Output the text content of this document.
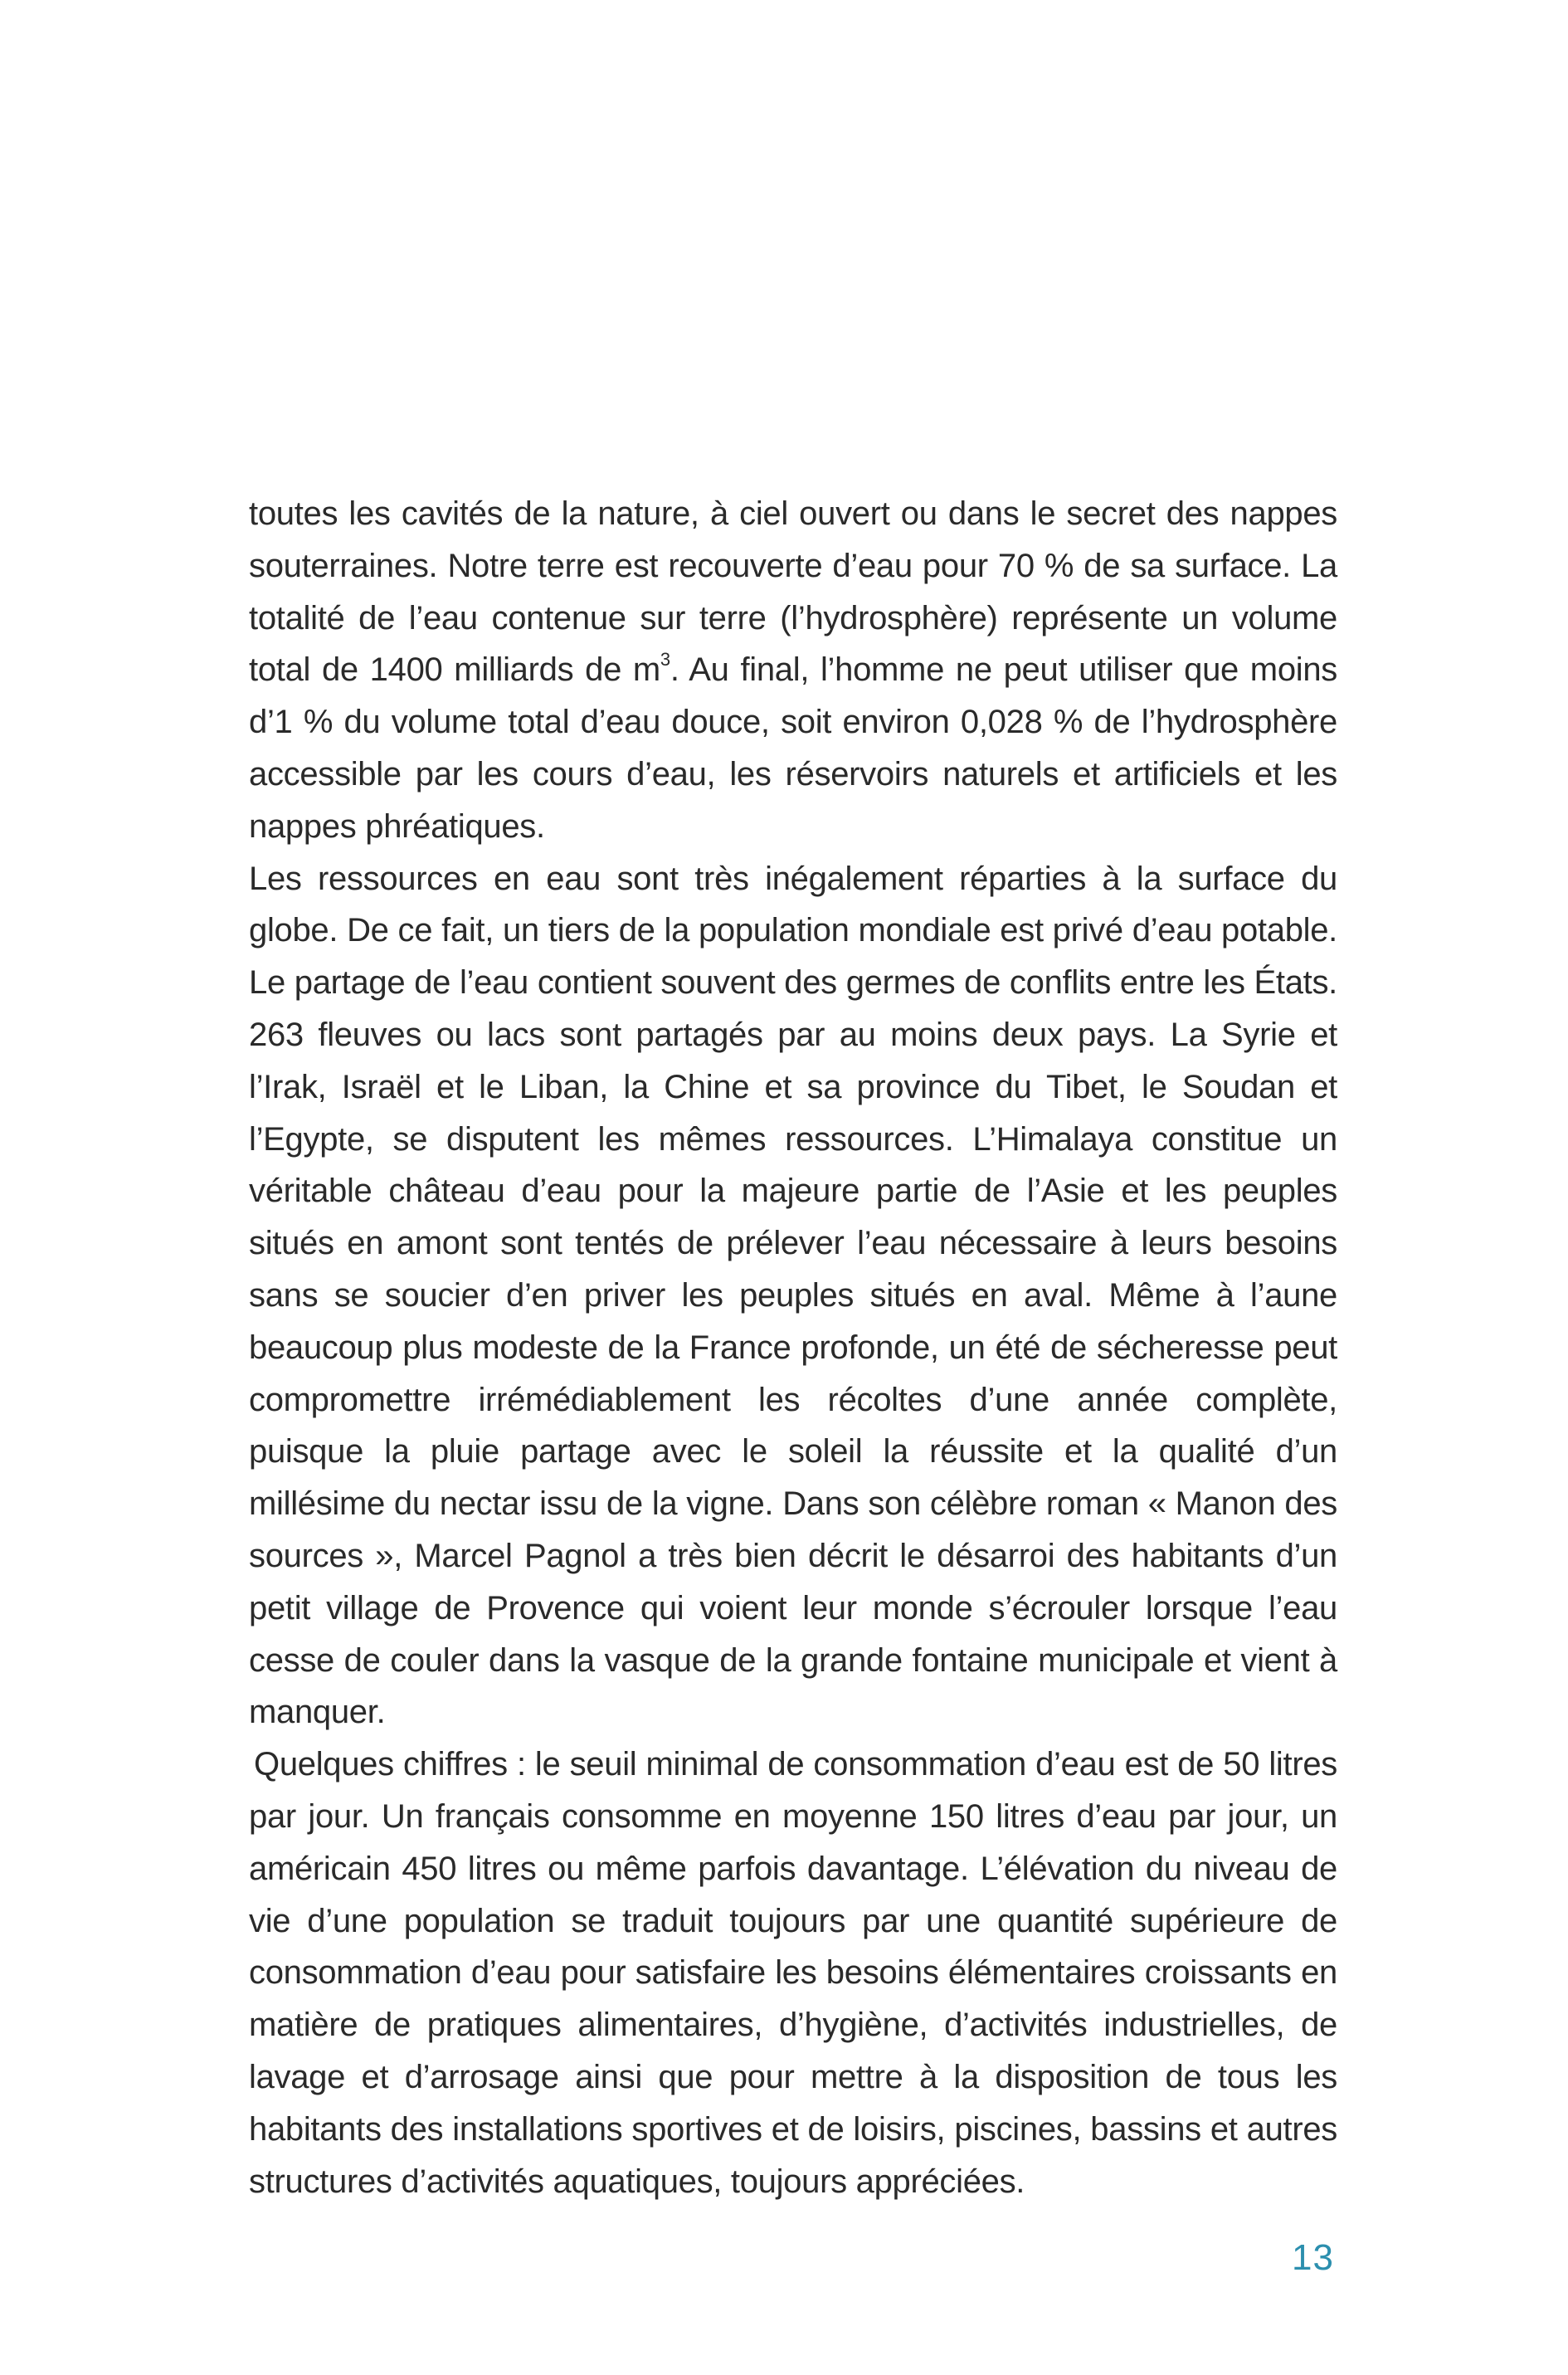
toutes les cavités de la nature, à ciel ouvert ou dans le secret des nappes souterraines. Notre terre est recouverte d’eau pour 70 % de sa surface. La totalité de l’eau contenue sur terre (l’hydrosphère) représente un volume total de 1400 milliards de $m^3$. Au final, l’homme ne peut utiliser que moins d’1 % du volume total d’eau douce, soit environ 0,028 % de l’hydrosphère accessible par les cours d’eau, les réservoirs naturels et artificiels et les nappes phréatiques.

Les ressources en eau sont très inégalement réparties à la surface du globe. De ce fait, un tiers de la population mondiale est privé d’eau potable. Le partage de l’eau contient souvent des germes de conflits entre les États. 263 fleuves ou lacs sont partagés par au moins deux pays. La Syrie et l’Irak, Israël et le Liban, la Chine et sa province du Tibet, le Soudan et l’Egypte, se disputent les mêmes ressources. L’Himalaya constitue un véritable château d’eau pour la majeure partie de l’Asie et les peuples situés en amont sont tentés de prélever l’eau nécessaire à leurs besoins sans se soucier d’en priver les peuples situés en aval. Même à l’aune beaucoup plus modeste de la France profonde, un été de sécheresse peut compromettre irrémédiablement les récoltes d’une année complète, puisque la pluie partage avec le soleil la réussite et la qualité d’un millésime du nectar issu de la vigne. Dans son célèbre roman « Manon des sources », Marcel Pagnol a très bien décrit le désarroi des habitants d’un petit village de Provence qui voient leur monde s’écrouler lorsque l’eau cesse de couler dans la vasque de la grande fontaine municipale et vient à manquer.

Quelques chiffres : le seuil minimal de consommation d’eau est de 50 litres par jour. Un français consomme en moyenne 150 litres d’eau par jour, un américain 450 litres ou même parfois davantage. L’élévation du niveau de vie d’une population se traduit toujours par une quantité supérieure de consommation d’eau pour satisfaire les besoins élémentaires croissants en matière de pratiques alimentaires, d’hygiène, d’activités industrielles, de lavage et d’arrosage ainsi que pour mettre à la disposition de tous les habitants des installations sportives et de loisirs, piscines, bassins et autres structures d’activités aquatiques, toujours appréciées.

13
